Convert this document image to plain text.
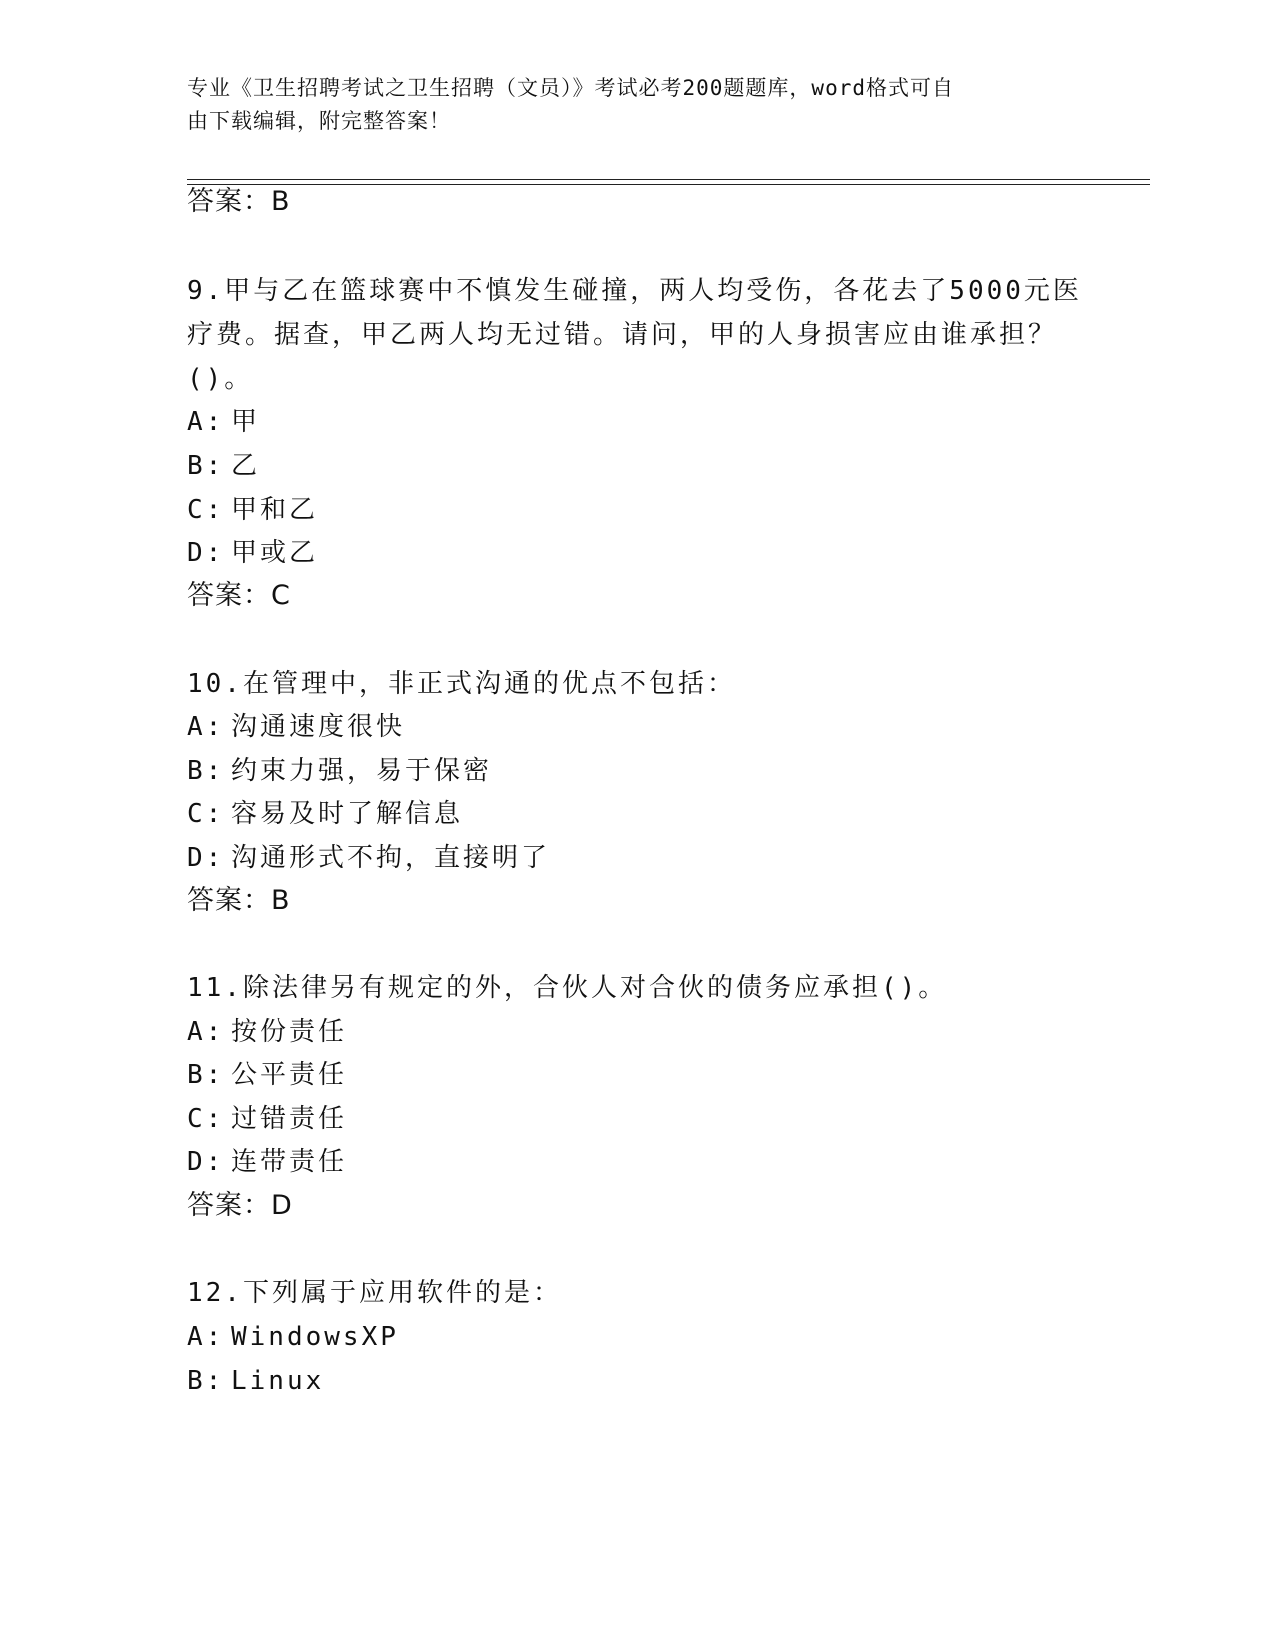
专业《卫生招聘考试之卫生招聘（文员）》考试必考200题题库，word格式可自
由下载编辑，附完整答案！
答案：B
9.甲与乙在篮球赛中不慎发生碰撞，两人均受伤，各花去了5000元医
疗费。据查，甲乙两人均无过错。请问，甲的人身损害应由谁承担？
()。
A: 甲
B: 乙
C: 甲和乙
D: 甲或乙
答案：C
10.在管理中，非正式沟通的优点不包括：
A: 沟通速度很快
B: 约束力强，易于保密
C: 容易及时了解信息
D: 沟通形式不拘，直接明了
答案：B
11.除法律另有规定的外，合伙人对合伙的债务应承担()。
A: 按份责任
B: 公平责任
C: 过错责任
D: 连带责任
答案：D
12.下列属于应用软件的是：
A: WindowsXP
B: Linux
